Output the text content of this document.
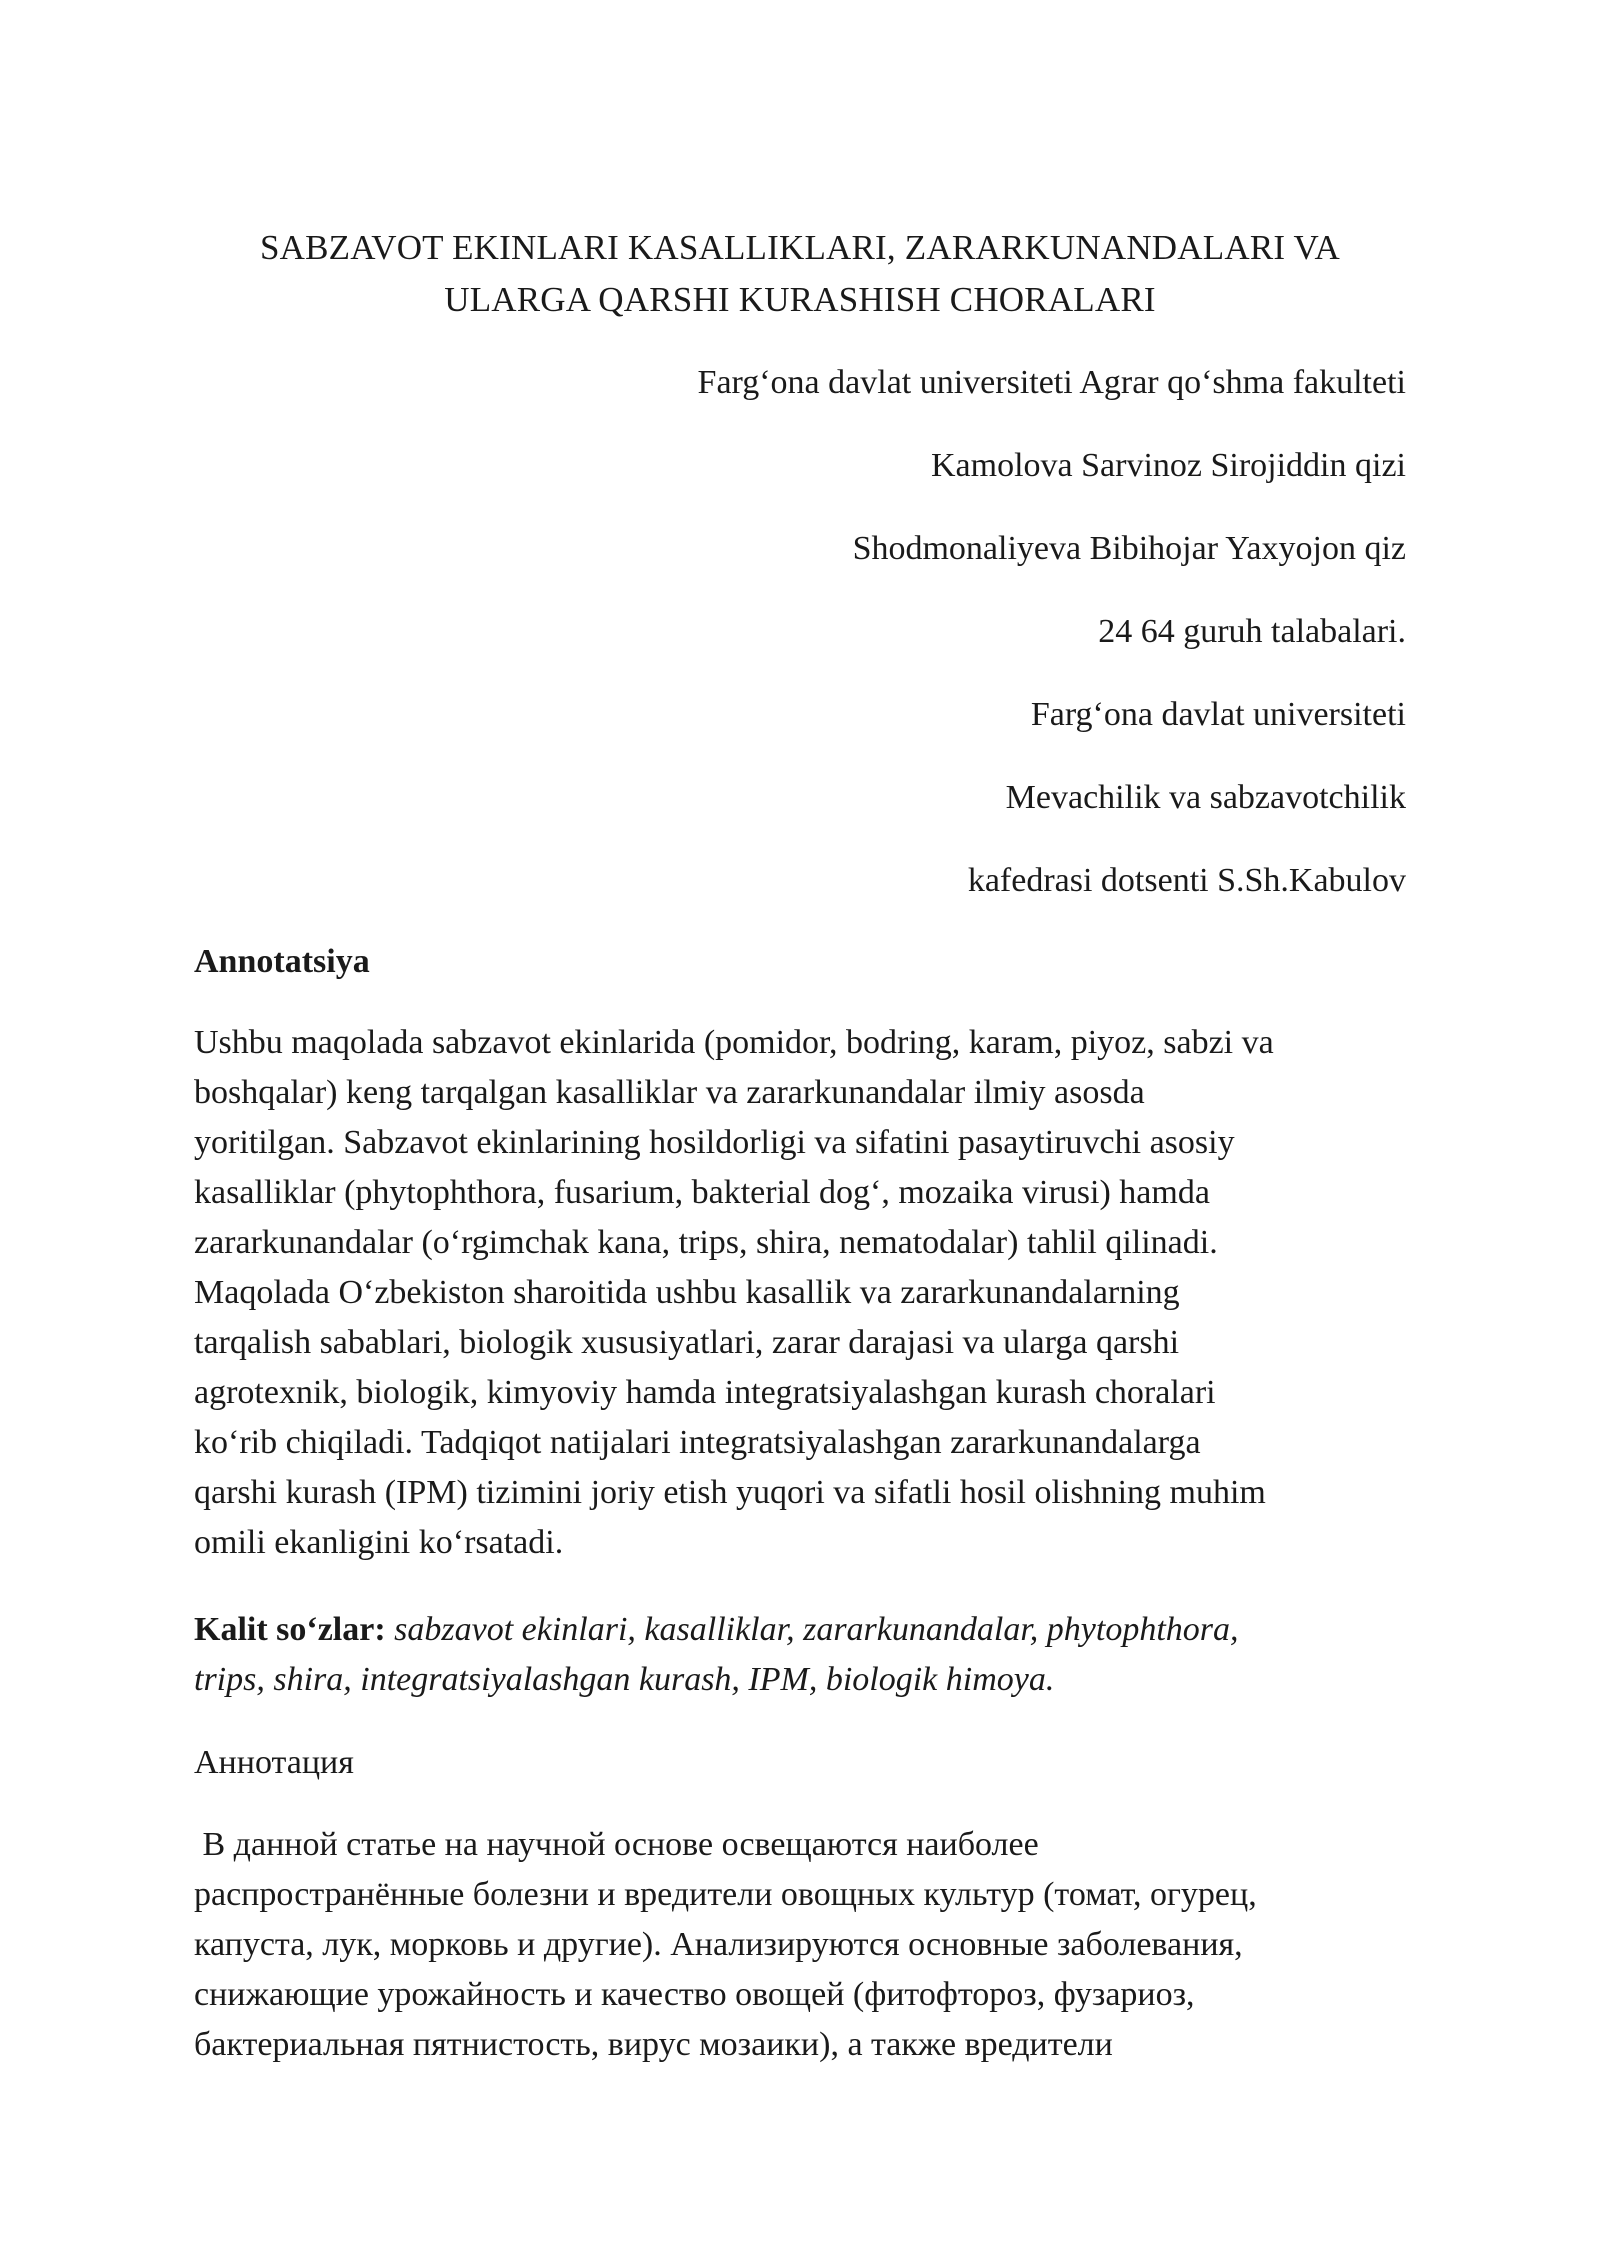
SABZAVOT EKINLARI KASALLIKLARI, ZARARKUNANDALARI VA
ULARGA QARSHI KURASHISH CHORALARI
Farg‘ona davlat universiteti Agrar qo‘shma fakulteti
Kamolova Sarvinoz Sirojiddin qizi
Shodmonaliyeva Bibihojar Yaxyojon qiz
24 64 guruh talabalari.
Farg‘ona davlat universiteti
Mevachilik va sabzavotchilik
kafedrasi dotsenti S.Sh.Kabulov
Annotatsiya
Ushbu maqolada sabzavot ekinlarida (pomidor, bodring, karam, piyoz, sabzi va
boshqalar) keng tarqalgan kasalliklar va zararkunandalar ilmiy asosda
yoritilgan. Sabzavot ekinlarining hosildorligi va sifatini pasaytiruvchi asosiy
kasalliklar (phytophthora, fusarium, bakterial dog‘, mozaika virusi) hamda
zararkunandalar (o‘rgimchak kana, trips, shira, nematodalar) tahlil qilinadi.
Maqolada O‘zbekiston sharoitida ushbu kasallik va zararkunandalarning
tarqalish sabablari, biologik xususiyatlari, zarar darajasi va ularga qarshi
agrotexnik, biologik, kimyoviy hamda integratsiyalashgan kurash choralari
ko‘rib chiqiladi. Tadqiqot natijalari integratsiyalashgan zararkunandalarga
qarshi kurash (IPM) tizimini joriy etish yuqori va sifatli hosil olishning muhim
omili ekanligini ko‘rsatadi.
Kalit so‘zlar: sabzavot ekinlari, kasalliklar, zararkunandalar, phytophthora,
trips, shira, integratsiyalashgan kurash, IPM, biologik himoya.
Аннотация
В данной статье на научной основе освещаются наиболее
распространённые болезни и вредители овощных культур (томат, огурец,
капуста, лук, морковь и другие). Анализируются основные заболевания,
снижающие урожайность и качество овощей (фитофтороз, фузариоз,
бактериальная пятнистость, вирус мозаики), а также вредители
